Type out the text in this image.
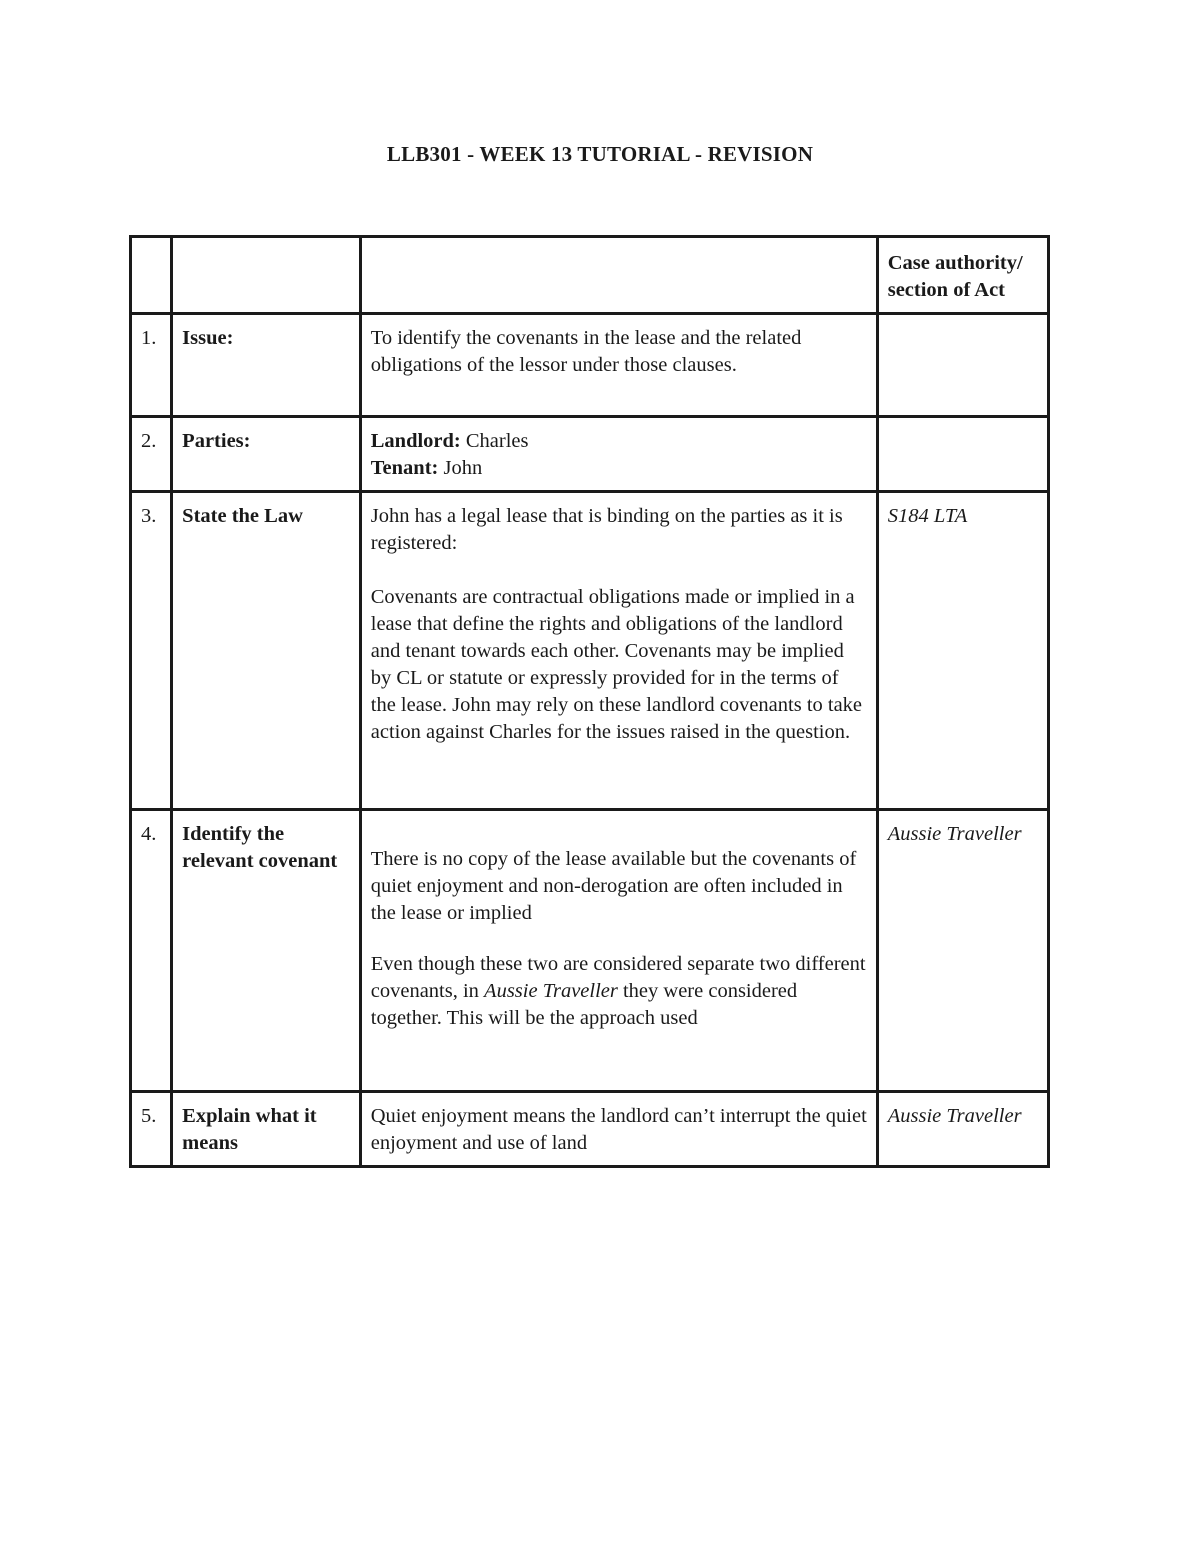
LLB301 - WEEK 13 TUTORIAL - REVISION
			Case authority/ section of Act
1.	Issue:	To identify the covenants in the lease and the related obligations of the lessor under those clauses.	
2.	Parties:	Landlord: Charles
Tenant: John	

3.	State the Law	John has a legal lease that is binding on the parties as it is registered:
Covenants are contractual obligations made or implied in a lease that define the rights and obligations of the landlord and tenant towards each other. Covenants may be implied by CL or statute or expressly provided for in the terms of the lease. John may rely on these landlord covenants to take action against Charles for the issues raised in the question.	S184 LTA
4.	Identify the relevant covenant	There is no copy of the lease available but the covenants of quiet enjoyment and non-derogation are often included in the lease or implied
Even though these two are considered separate two different covenants, in Aussie Traveller they were considered together. This will be the approach used	Aussie Traveller
5.	Explain what it means	Quiet enjoyment means the landlord can’t interrupt the quiet enjoyment and use of land	Aussie Traveller
